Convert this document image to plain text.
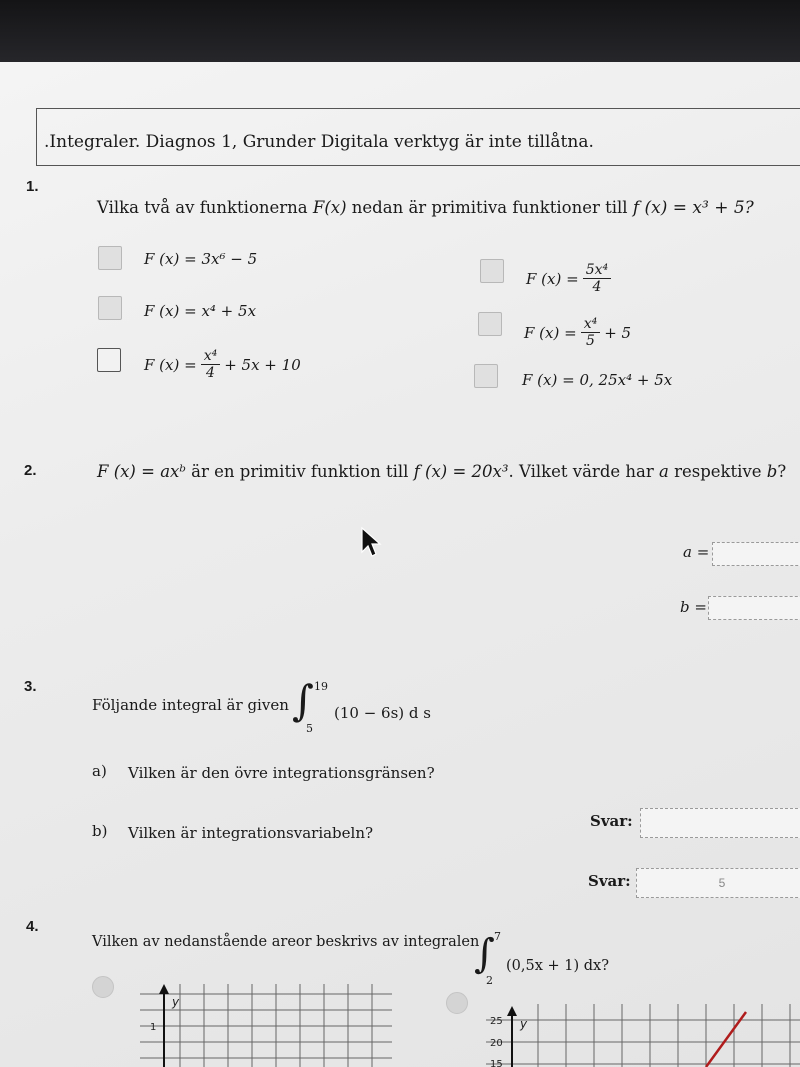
.Integraler. Diagnos 1, Grunder Digitala verktyg är inte tillåtna.
1.
Vilka två av funktionerna F(x) nedan är primitiva funktioner till f (x) = x³ + 5?
F (x) = 3x⁶ − 5
F (x) = x⁴ + 5x
F $(x) = \frac{\text{x⁴}}{4} + 5x + 10$
F $(x) = \frac{\text{5x⁴}}{4}$
F $(x) = \frac{\text{x⁴}}{5} + 5$
F (x) = 0, 25x⁴ + 5x
2.	F (x) = axᵇ är en primitiv funktion till f (x) = 20x³. Vilket värde har a respektive b?
a =
b =
3.
Följande integral är given ∫ 19
5
(10 − 6s) d s
a) Vilken är den övre integrationsgränsen?
Svar:
b) Vilken är integrationsvariabeln?
Svar:	5
4.
Vilken av nedanstående areor beskrivs av integralen
∫ 7
2
(0,5x + 1) dx?
y
1	y
25
20
15
